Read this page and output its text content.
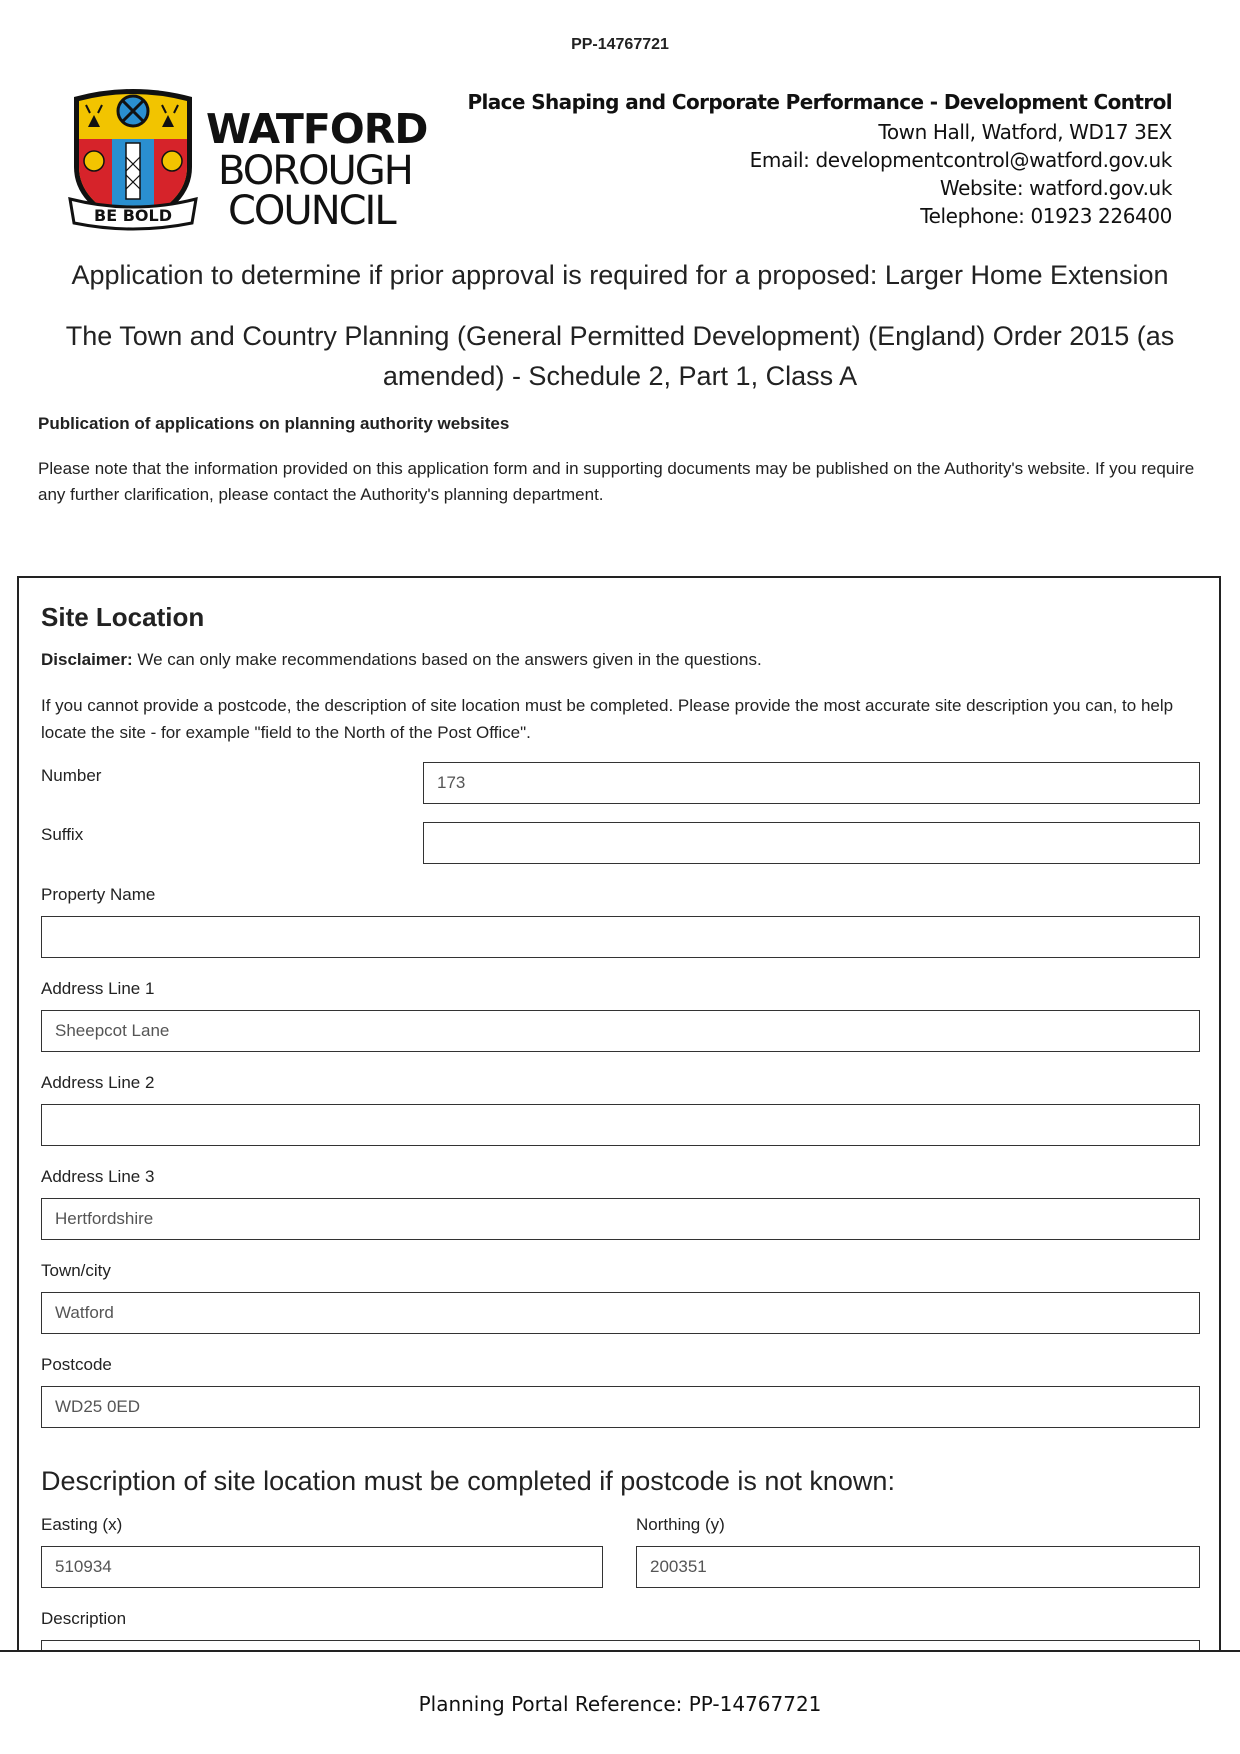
PP-14767721
BE BOLD
WATFORD
BOROUGH
COUNCIL
Place Shaping and Corporate Performance - Development Control
Town Hall, Watford, WD17 3EX
Email: developmentcontrol@watford.gov.uk
Website: watford.gov.uk
Telephone: 01923 226400
Application to determine if prior approval is required for a proposed: Larger Home Extension
The Town and Country Planning (General Permitted Development) (England) Order 2015 (as
amended) - Schedule 2, Part 1, Class A
Publication of applications on planning authority websites
Please note that the information provided on this application form and in supporting documents may be published on the Authority's website. If you require any further clarification, please contact the Authority's planning department.
Site Location
Disclaimer: We can only make recommendations based on the answers given in the questions.
If you cannot provide a postcode, the description of site location must be completed. Please provide the most accurate site description you can, to help locate the site - for example "field to the North of the Post Office".
Number	173
Suffix
Property Name
Address Line 1
Sheepcot Lane
Address Line 2
Address Line 3
Hertfordshire
Town/city
Watford
Postcode
WD25 0ED
Description of site location must be completed if postcode is not known:
Easting (x)
510934
Northing (y)
200351
Description
Planning Portal Reference: PP-14767721
